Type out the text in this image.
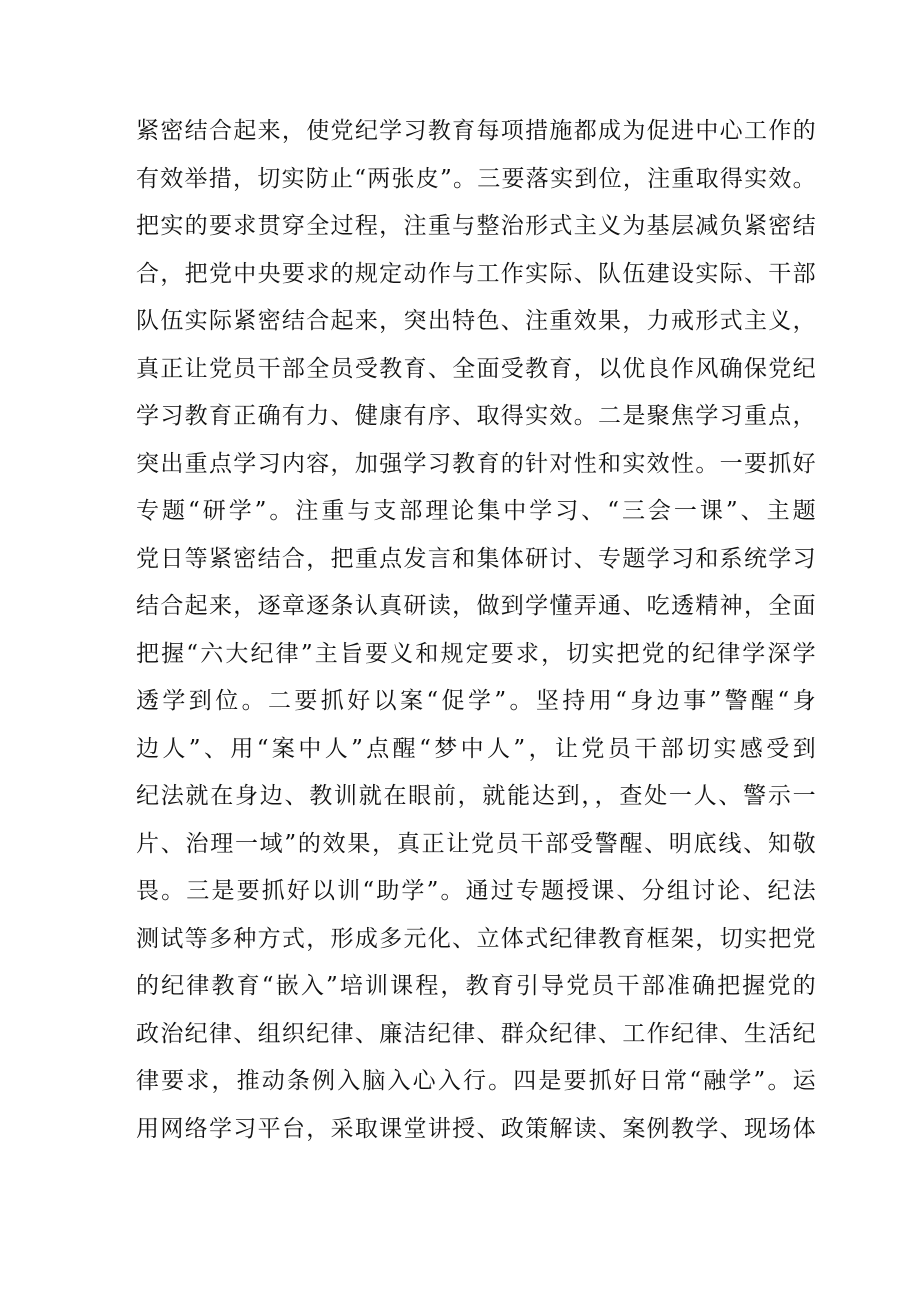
紧密结合起来，使党纪学习教育每项措施都成为促进中心工作的
有效举措，切实防止“两张皮”。三要落实到位，注重取得实效。
把实的要求贯穿全过程，注重与整治形式主义为基层减负紧密结
合，把党中央要求的规定动作与工作实际、队伍建设实际、干部
队伍实际紧密结合起来，突出特色、注重效果，力戒形式主义，
真正让党员干部全员受教育、全面受教育，以优良作风确保党纪
学习教育正确有力、健康有序、取得实效。二是聚焦学习重点，
突出重点学习内容，加强学习教育的针对性和实效性。一要抓好
专题“研学”。注重与支部理论集中学习、“三会一课”、主题
党日等紧密结合，把重点发言和集体研讨、专题学习和系统学习
结合起来，逐章逐条认真研读，做到学懂弄通、吃透精神，全面
把握“六大纪律”主旨要义和规定要求，切实把党的纪律学深学
透学到位。二要抓好以案“促学”。坚持用“身边事”警醒“身
边人”、用“案中人”点醒“梦中人”，让党员干部切实感受到
纪法就在身边、教训就在眼前，就能达到，，查处一人、警示一
片、治理一域”的效果，真正让党员干部受警醒、明底线、知敬
畏。三是要抓好以训“助学”。通过专题授课、分组讨论、纪法
测试等多种方式，形成多元化、立体式纪律教育框架，切实把党
的纪律教育“嵌入”培训课程，教育引导党员干部准确把握党的
政治纪律、组织纪律、廉洁纪律、群众纪律、工作纪律、生活纪
律要求，推动条例入脑入心入行。四是要抓好日常“融学”。运
用网络学习平台，采取课堂讲授、政策解读、案例教学、现场体
